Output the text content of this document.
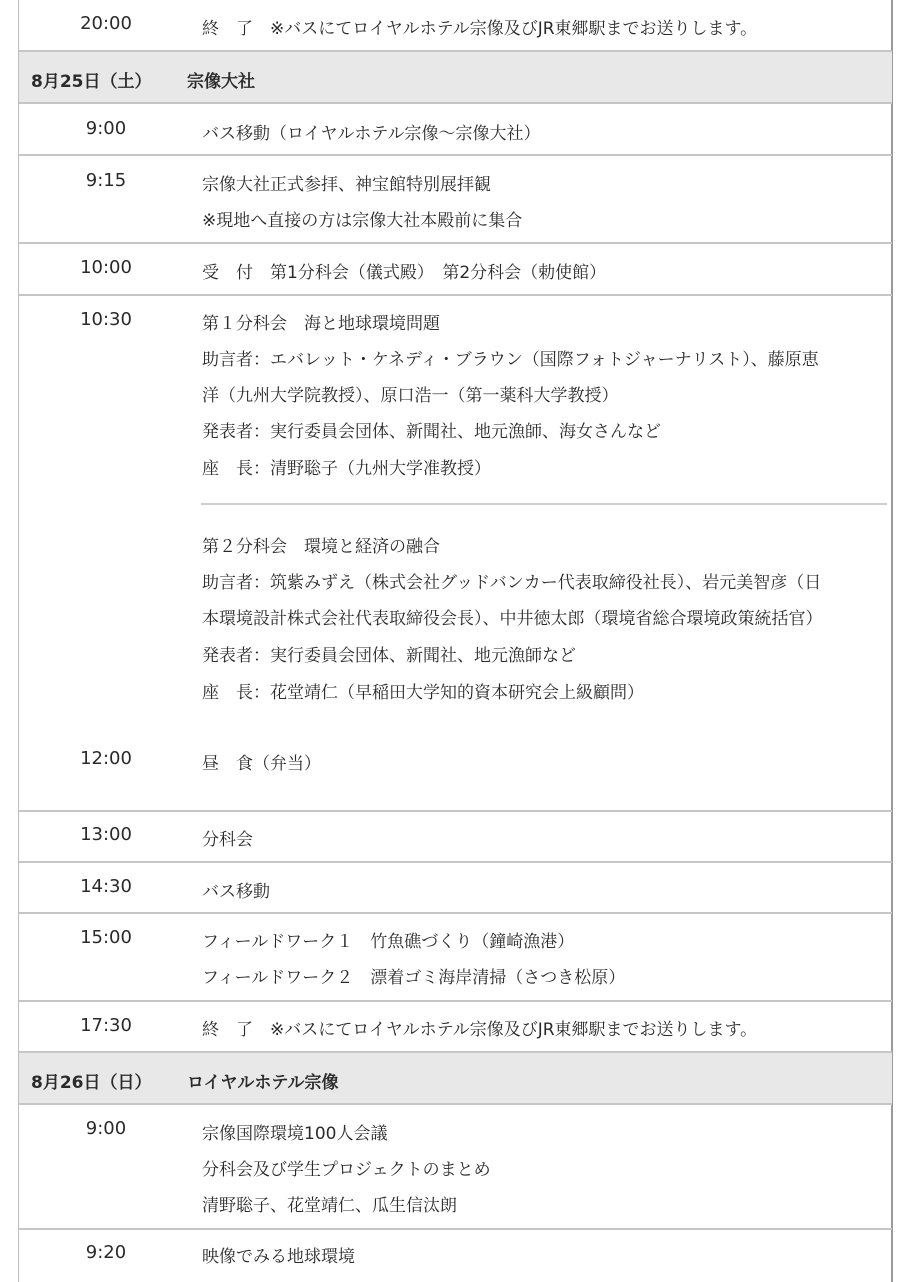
20:00	終　了　※バスにてロイヤルホテル宗像及びJR東郷駅までお送りします。
8月25日（土） 宗像大社
9:00	バス移動（ロイヤルホテル宗像～宗像大社）
9:15	宗像大社正式参拝、神宝館特別展拝観
※現地へ直接の方は宗像大社本殿前に集合
10:00	受　付　第1分科会（儀式殿）　第2分科会（勅使館）
10:30	第１分科会　海と地球環境問題
助言者：エバレット・ケネディ・ブラウン（国際フォトジャーナリスト）、藤原恵
洋（九州大学院教授）、原口浩一（第一薬科大学教授）
発表者：実行委員会団体、新聞社、地元漁師、海女さんなど
座　長：清野聡子（九州大学准教授）
第２分科会　環境と経済の融合
助言者：筑紫みずえ（株式会社グッドバンカー代表取締役社長）、岩元美智彦（日
本環境設計株式会社代表取締役会長）、中井徳太郎（環境省総合環境政策統括官）
発表者：実行委員会団体、新聞社、地元漁師など
座　長：花堂靖仁（早稲田大学知的資本研究会上級顧問）
12:00	昼　食（弁当）
13:00	分科会
14:30	バス移動
15:00	フィールドワーク１　竹魚礁づくり（鐘崎漁港）
フィールドワーク２　漂着ゴミ海岸清掃（さつき松原）
17:30	終　了　※バスにてロイヤルホテル宗像及びJR東郷駅までお送りします。
8月26日（日） ロイヤルホテル宗像
9:00	宗像国際環境100人会議
分科会及び学生プロジェクトのまとめ
清野聡子、花堂靖仁、瓜生信汰朗
9:20	映像でみる地球環境
